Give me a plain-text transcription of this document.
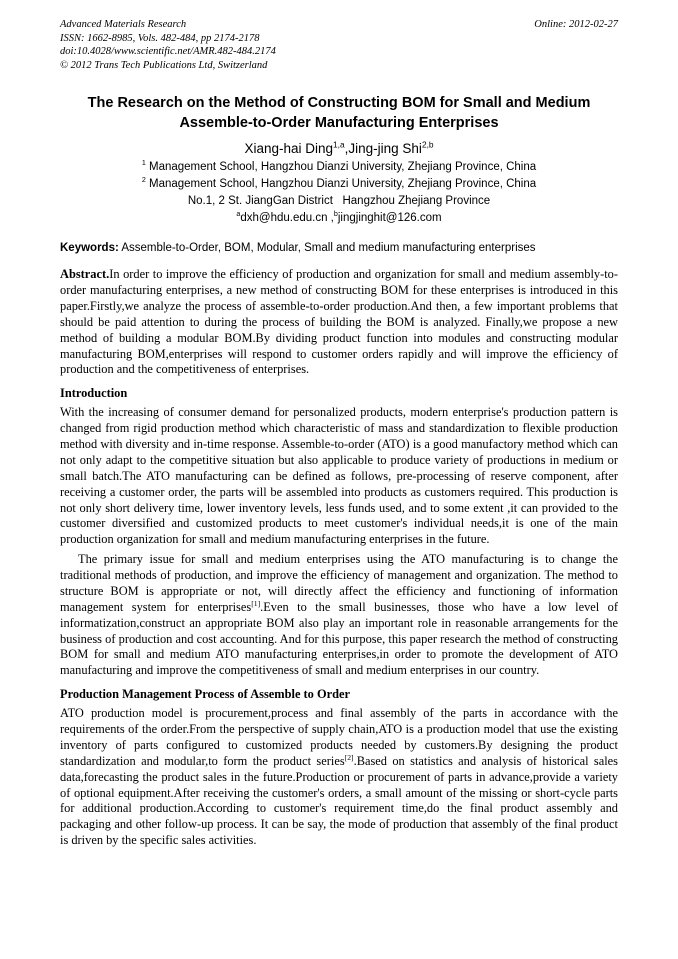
Advanced Materials Research	Online: 2012-02-27
ISSN: 1662-8985, Vols. 482-484, pp 2174-2178
doi:10.4028/www.scientific.net/AMR.482-484.2174
© 2012 Trans Tech Publications Ltd, Switzerland
The Research on the Method of Constructing BOM for Small and Medium Assemble-to-Order Manufacturing Enterprises
Xiang-hai Ding$^{1,a}$,Jing-jing Shi$^{2,b}$
$^1$ Management School, Hangzhou Dianzi University, Zhejiang Province, China
$^2$ Management School, Hangzhou Dianzi University, Zhejiang Province, China
No.1, 2 St. JiangGan District   Hangzhou Zhejiang Province
$^a$dxh@hdu.edu.cn ,$^b$jingjinghit@126.com
Keywords: Assemble-to-Order, BOM, Modular, Small and medium manufacturing enterprises

Abstract.In order to improve the efficiency of production and organization for small and medium assembly-to-order manufacturing enterprises, a new method of constructing BOM for these enterprises is introduced in this paper.Firstly,we analyze the process of assemble-to-order production.And then, a few important problems that should be paid attention to during the process of building the BOM is analyzed. Finally,we propose a new method of building a modular BOM.By dividing product function into modules and constructing modular manufacturing BOM,enterprises will respond to customer orders rapidly and will improve the efficiency of production and the competitiveness of enterprises.

Introduction

With the increasing of consumer demand for personalized products, modern enterprise's production pattern is changed from rigid production method which characteristic of mass and standardization to flexible production method with diversity and in-time response. Assemble-to-order (ATO) is a good manufactory method which can not only adapt to the competitive situation but also applicable to produce variety of productions in medium or small batch.The ATO manufacturing can be defined as follows, pre-processing of reserve component, after receiving a customer order, the parts will be assembled into products as customers required. This production is not only short delivery time, lower inventory levels, less funds used, and to some extent ,it can provided to the customer diversified and customized products to meet customer's individual needs,it is one of the main production organization for small and medium manufacturing enterprises in the future.

The primary issue for small and medium enterprises using the ATO manufacturing is to change the traditional methods of production, and improve the efficiency of management and organization. The method to structure BOM is appropriate or not, will directly affect the efficiency and functioning of information management system for enterprises[1].Even to the small businesses, those who have a low level of informatization,construct an appropriate BOM also play an important role in reasonable arrangements for the business of production and cost accounting. And for this purpose, this paper research the method of constructing BOM for small and medium ATO manufacturing enterprises,in order to promote the development of ATO manufacturing and improve the competitiveness of small and medium enterprises in our country.

Production Management Process of Assemble to Order

ATO production model is procurement,process and final assembly of the parts in accordance with the requirements of the order.From the perspective of supply chain,ATO is a production model that use the existing inventory of parts configured to customized products needed by customers.By designing the product standardization and modular,to form the product series[2].Based on statistics and analysis of historical sales data,forecasting the product sales in the future.Production or procurement of parts in advance,provide a variety of optional equipment.After receiving the customer's orders, a small amount of the missing or short-cycle parts for additional production.According to customer's requirement time,do the final product assembly and packaging and other follow-up process. It can be say, the mode of production that assembly of the final product is driven by the specific sales activities.
